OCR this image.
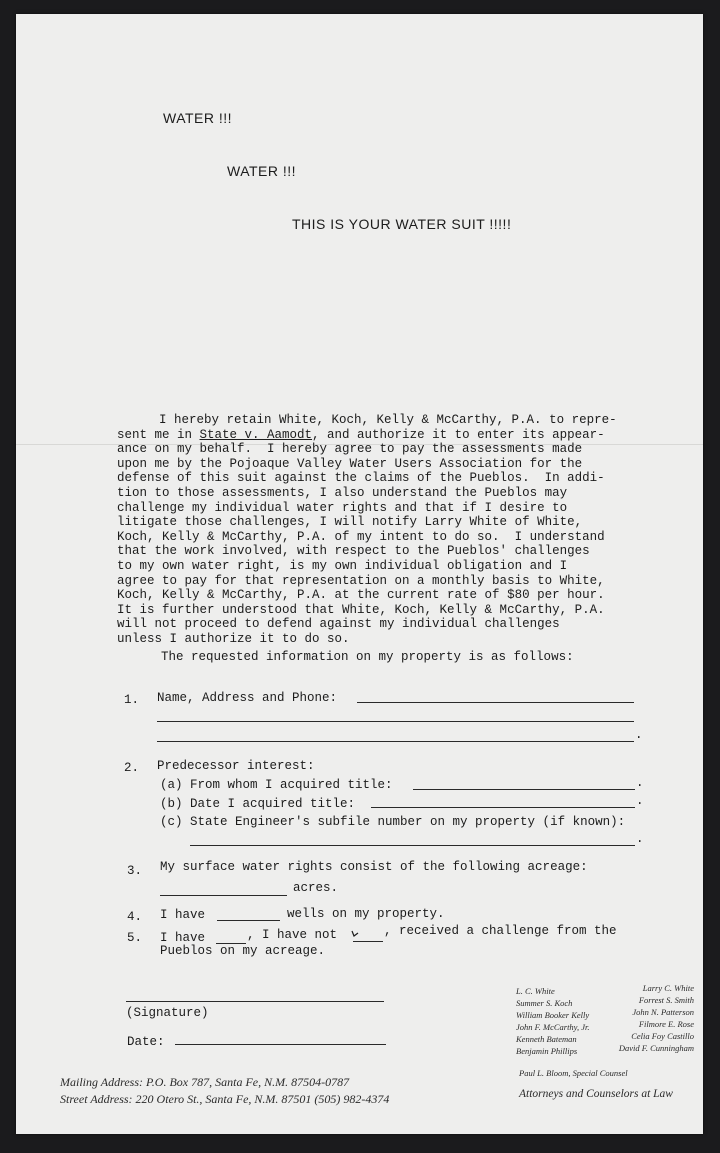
WATER !!!
WATER !!!
THIS IS YOUR WATER SUIT !!!!!
I hereby retain White, Koch, Kelly & McCarthy, P.A. to repre-
sent me in State v. Aamodt, and authorize it to enter its appear-
ance on my behalf.  I hereby agree to pay the assessments made
upon me by the Pojoaque Valley Water Users Association for the
defense of this suit against the claims of the Pueblos.  In addi-
tion to those assessments, I also understand the Pueblos may
challenge my individual water rights and that if I desire to
litigate those challenges, I will notify Larry White of White,
Koch, Kelly & McCarthy, P.A. of my intent to do so.  I understand
that the work involved, with respect to the Pueblos' challenges
to my own water right, is my own individual obligation and I
agree to pay for that representation on a monthly basis to White,
Koch, Kelly & McCarthy, P.A. at the current rate of $80 per hour.
It is further understood that White, Koch, Kelly & McCarthy, P.A.
will not proceed to defend against my individual challenges
unless I authorize it to do so.
The requested information on my property is as follows:
1. Name, Address and Phone:
.
2. Predecessor interest:
(a) From whom I acquired title:	.
(b) Date I acquired title:	.
(c) State Engineer's subfile number on my property (if known):
.
3. My surface water rights consist of the following acreage:
acres.
4. I have	wells on my property.
5. I have	, I have not	, received a challenge from the
Pueblos on my acreage.
(Signature)
Date:
L. C. White
Summer S. Koch
William Booker Kelly
John F. McCarthy, Jr.
Kenneth Bateman
Benjamin Phillips
Larry C. White
Forrest S. Smith
John N. Patterson
Filmore E. Rose
Celia Foy Castillo
David F. Cunningham
Paul L. Bloom, Special Counsel
Attorneys and Counselors at Law
Mailing Address: P.O. Box 787, Santa Fe, N.M. 87504-0787
Street Address: 220 Otero St., Santa Fe, N.M. 87501 (505) 982-4374
